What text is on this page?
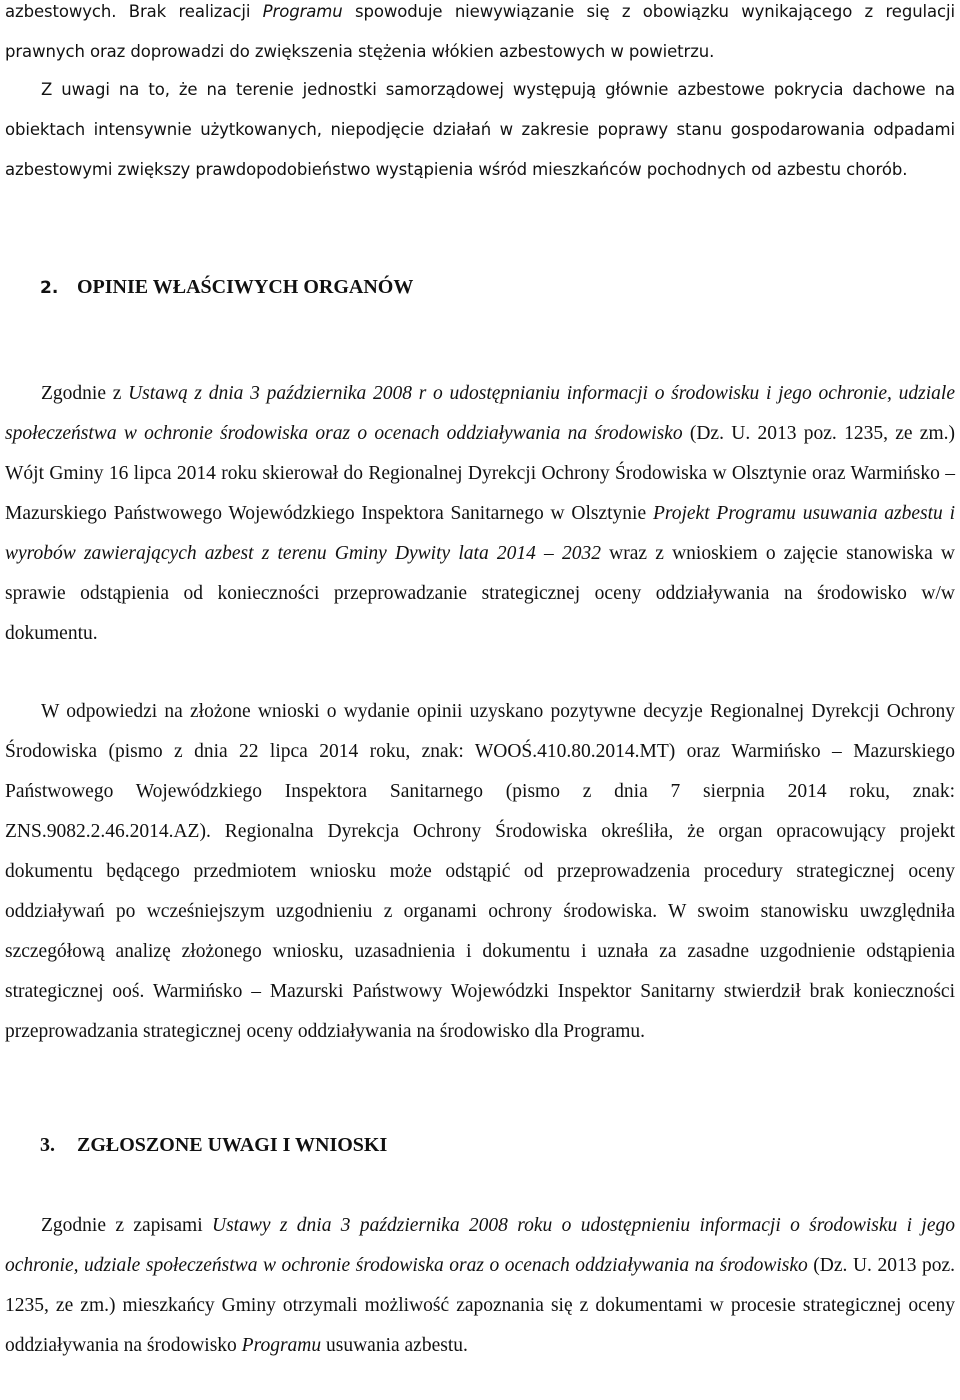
azbestowych. Brak realizacji Programu spowoduje niewywiązanie się z obowiązku wynikającego z regulacji prawnych oraz doprowadzi do zwiększenia stężenia włókien azbestowych w powietrzu.

Z uwagi na to, że na terenie jednostki samorządowej występują głównie azbestowe pokrycia dachowe na obiektach intensywnie użytkowanych, niepodjęcie działań w zakresie poprawy stanu gospodarowania odpadami azbestowymi zwiększy prawdopodobieństwo wystąpienia wśród mieszkańców pochodnych od azbestu chorób.

2. OPINIE WŁAŚCIWYCH ORGANÓW

Zgodnie z Ustawą z dnia 3 października 2008 r o udostępnianiu informacji o środowisku i jego ochronie, udziale społeczeństwa w ochronie środowiska oraz o ocenach oddziaływania na środowisko (Dz. U. 2013 poz. 1235, ze zm.) Wójt Gminy 16 lipca 2014 roku skierował do Regionalnej Dyrekcji Ochrony Środowiska w Olsztynie oraz Warmińsko – Mazurskiego Państwowego Wojewódzkiego Inspektora Sanitarnego w Olsztynie Projekt Programu usuwania azbestu i wyrobów zawierających azbest z terenu Gminy Dywity lata 2014 – 2032 wraz z wnioskiem o zajęcie stanowiska w sprawie odstąpienia od konieczności przeprowadzanie strategicznej oceny oddziaływania na środowisko w/w dokumentu.

W odpowiedzi na złożone wnioski o wydanie opinii uzyskano pozytywne decyzje Regionalnej Dyrekcji Ochrony Środowiska (pismo z dnia 22 lipca 2014 roku, znak: WOOŚ.410.80.2014.MT) oraz Warmińsko – Mazurskiego Państwowego Wojewódzkiego Inspektora Sanitarnego (pismo z dnia 7 sierpnia 2014 roku, znak: ZNS.9082.2.46.2014.AZ). Regionalna Dyrekcja Ochrony Środowiska określiła, że organ opracowujący projekt dokumentu będącego przedmiotem wniosku może odstąpić od przeprowadzenia procedury strategicznej oceny oddziaływań po wcześniejszym uzgodnieniu z organami ochrony środowiska. W swoim stanowisku uwzględniła szczegółową analizę złożonego wniosku, uzasadnienia i dokumentu i uznała za zasadne uzgodnienie odstąpienia strategicznej ooś. Warmińsko – Mazurski Państwowy Wojewódzki Inspektor Sanitarny stwierdził brak konieczności przeprowadzania strategicznej oceny oddziaływania na środowisko dla Programu.

3. ZGŁOSZONE UWAGI I WNIOSKI

Zgodnie z zapisami Ustawy z dnia 3 października 2008 roku o udostępnieniu informacji o środowisku i jego ochronie, udziale społeczeństwa w ochronie środowiska oraz o ocenach oddziaływania na środowisko (Dz. U. 2013 poz. 1235, ze zm.) mieszkańcy Gminy otrzymali możliwość zapoznania się z dokumentami w procesie strategicznej oceny oddziaływania na środowisko Programu usuwania azbestu.
